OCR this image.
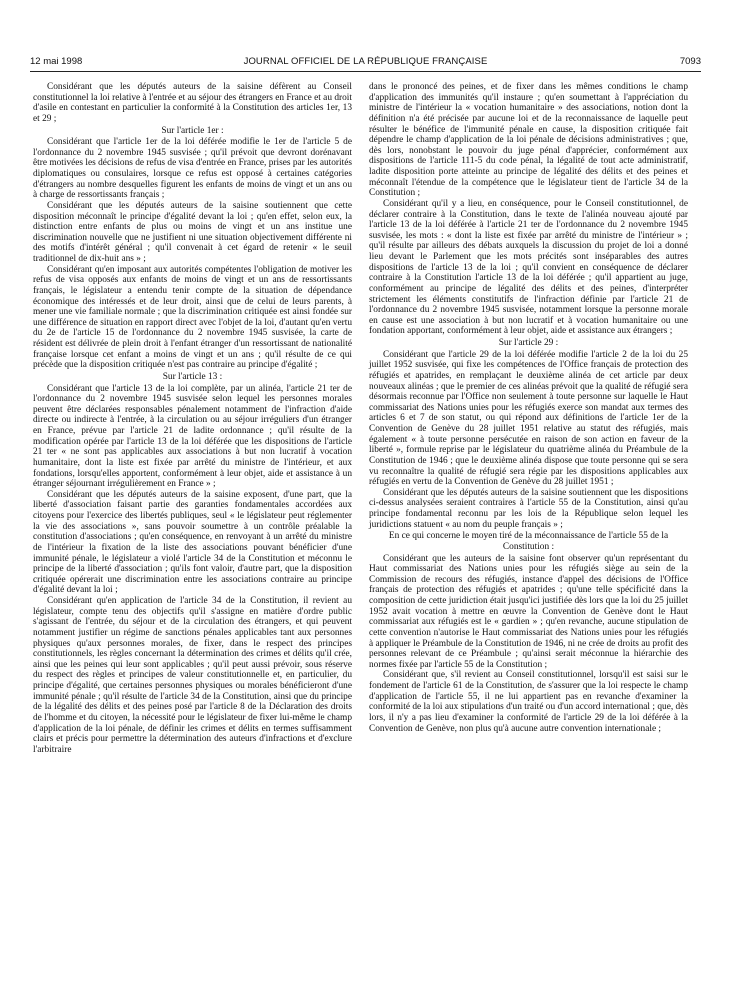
12 mai 1998	JOURNAL OFFICIEL DE LA RÉPUBLIQUE FRANÇAISE	7093

Considérant que les députés auteurs de la saisine défèrent au Conseil constitutionnel la loi relative à l'entrée et au séjour des étrangers en France et au droit d'asile en contestant en particulier la conformité à la Constitution des articles 1er, 13 et 29 ;

Sur l'article 1er :

Considérant que l'article 1er de la loi déférée modifie le 1er de l'article 5 de l'ordonnance du 2 novembre 1945 susvisée ; qu'il prévoit que devront dorénavant être motivées les décisions de refus de visa d'entrée en France, prises par les autorités diplomatiques ou consulaires, lorsque ce refus est opposé à certaines catégories d'étrangers au nombre desquelles figurent les enfants de moins de vingt et un ans ou à charge de ressortissants français ;

Considérant que les députés auteurs de la saisine soutiennent que cette disposition méconnaît le principe d'égalité devant la loi ; qu'en effet, selon eux, la distinction entre enfants de plus ou moins de vingt et un ans institue une discrimination nouvelle que ne justifient ni une situation objectivement différente ni des motifs d'intérêt général ; qu'il convenait à cet égard de retenir « le seuil traditionnel de dix-huit ans » ;

Considérant qu'en imposant aux autorités compétentes l'obligation de motiver les refus de visa opposés aux enfants de moins de vingt et un ans de ressortissants français, le législateur a entendu tenir compte de la situation de dépendance économique des intéressés et de leur droit, ainsi que de celui de leurs parents, à mener une vie familiale normale ; que la discrimination critiquée est ainsi fondée sur une différence de situation en rapport direct avec l'objet de la loi, d'autant qu'en vertu du 2e de l'article 15 de l'ordonnance du 2 novembre 1945 susvisée, la carte de résident est délivrée de plein droit à l'enfant étranger d'un ressortissant de nationalité française lorsque cet enfant a moins de vingt et un ans ; qu'il résulte de ce qui précède que la disposition critiquée n'est pas contraire au principe d'égalité ;

Sur l'article 13 :

Considérant que l'article 13 de la loi complète, par un alinéa, l'article 21 ter de l'ordonnance du 2 novembre 1945 susvisée selon lequel les personnes morales peuvent être déclarées responsables pénalement notamment de l'infraction d'aide directe ou indirecte à l'entrée, à la circulation ou au séjour irréguliers d'un étranger en France, prévue par l'article 21 de ladite ordonnance ; qu'il résulte de la modification opérée par l'article 13 de la loi déférée que les dispositions de l'article 21 ter « ne sont pas applicables aux associations à but non lucratif à vocation humanitaire, dont la liste est fixée par arrêté du ministre de l'intérieur, et aux fondations, lorsqu'elles apportent, conformément à leur objet, aide et assistance à un étranger séjournant irrégulièrement en France » ;

Considérant que les députés auteurs de la saisine exposent, d'une part, que la liberté d'association faisant partie des garanties fondamentales accordées aux citoyens pour l'exercice des libertés publiques, seul « le législateur peut réglementer la vie des associations », sans pouvoir soumettre à un contrôle préalable la constitution d'associations ; qu'en conséquence, en renvoyant à un arrêté du ministre de l'intérieur la fixation de la liste des associations pouvant bénéficier d'une immunité pénale, le législateur a violé l'article 34 de la Constitution et méconnu le principe de la liberté d'association ; qu'ils font valoir, d'autre part, que la disposition critiquée opérerait une discrimination entre les associations contraire au principe d'égalité devant la loi ;

Considérant qu'en application de l'article 34 de la Constitution, il revient au législateur, compte tenu des objectifs qu'il s'assigne en matière d'ordre public s'agissant de l'entrée, du séjour et de la circulation des étrangers, et qui peuvent notamment justifier un régime de sanctions pénales applicables tant aux personnes physiques qu'aux personnes morales, de fixer, dans le respect des principes constitutionnels, les règles concernant la détermination des crimes et délits qu'il crée, ainsi que les peines qui leur sont applicables ; qu'il peut aussi prévoir, sous réserve du respect des règles et principes de valeur constitutionnelle et, en particulier, du principe d'égalité, que certaines personnes physiques ou morales bénéficieront d'une immunité pénale ; qu'il résulte de l'article 34 de la Constitution, ainsi que du principe de la légalité des délits et des peines posé par l'article 8 de la Déclaration des droits de l'homme et du citoyen, la nécessité pour le législateur de fixer lui-même le champ d'application de la loi pénale, de définir les crimes et délits en termes suffisamment clairs et précis pour permettre la détermination des auteurs d'infractions et d'exclure l'arbitraire

dans le prononcé des peines, et de fixer dans les mêmes conditions le champ d'application des immunités qu'il instaure ; qu'en soumettant à l'appréciation du ministre de l'intérieur la « vocation humanitaire » des associations, notion dont la définition n'a été précisée par aucune loi et de la reconnaissance de laquelle peut résulter le bénéfice de l'immunité pénale en cause, la disposition critiquée fait dépendre le champ d'application de la loi pénale de décisions administratives ; que, dès lors, nonobstant le pouvoir du juge pénal d'apprécier, conformément aux dispositions de l'article 111-5 du code pénal, la légalité de tout acte administratif, ladite disposition porte atteinte au principe de légalité des délits et des peines et méconnaît l'étendue de la compétence que le législateur tient de l'article 34 de la Constitution ;

Considérant qu'il y a lieu, en conséquence, pour le Conseil constitutionnel, de déclarer contraire à la Constitution, dans le texte de l'alinéa nouveau ajouté par l'article 13 de la loi déférée à l'article 21 ter de l'ordonnance du 2 novembre 1945 susvisée, les mots : « dont la liste est fixée par arrêté du ministre de l'intérieur » ; qu'il résulte par ailleurs des débats auxquels la discussion du projet de loi a donné lieu devant le Parlement que les mots précités sont inséparables des autres dispositions de l'article 13 de la loi ; qu'il convient en conséquence de déclarer contraire à la Constitution l'article 13 de la loi déférée ; qu'il appartient au juge, conformément au principe de légalité des délits et des peines, d'interpréter strictement les éléments constitutifs de l'infraction définie par l'article 21 de l'ordonnance du 2 novembre 1945 susvisée, notamment lorsque la personne morale en cause est une association à but non lucratif et à vocation humanitaire ou une fondation apportant, conformément à leur objet, aide et assistance aux étrangers ;

Sur l'article 29 :

Considérant que l'article 29 de la loi déférée modifie l'article 2 de la loi du 25 juillet 1952 susvisée, qui fixe les compétences de l'Office français de protection des réfugiés et apatrides, en remplaçant le deuxième alinéa de cet article par deux nouveaux alinéas ; que le premier de ces alinéas prévoit que la qualité de réfugié sera désormais reconnue par l'Office non seulement à toute personne sur laquelle le Haut commissariat des Nations unies pour les réfugiés exerce son mandat aux termes des articles 6 et 7 de son statut, ou qui répond aux définitions de l'article 1er de la Convention de Genève du 28 juillet 1951 relative au statut des réfugiés, mais également « à toute personne persécutée en raison de son action en faveur de la liberté », formule reprise par le législateur du quatrième alinéa du Préambule de la Constitution de 1946 ; que le deuxième alinéa dispose que toute personne qui se sera vu reconnaître la qualité de réfugié sera régie par les dispositions applicables aux réfugiés en vertu de la Convention de Genève du 28 juillet 1951 ;

Considérant que les députés auteurs de la saisine soutiennent que les dispositions ci-dessus analysées seraient contraires à l'article 55 de la Constitution, ainsi qu'au principe fondamental reconnu par les lois de la République selon lequel les juridictions statuent « au nom du peuple français » ;

En ce qui concerne le moyen tiré de la méconnaissance de l'article 55 de la Constitution :

Considérant que les auteurs de la saisine font observer qu'un représentant du Haut commissariat des Nations unies pour les réfugiés siège au sein de la Commission de recours des réfugiés, instance d'appel des décisions de l'Office français de protection des réfugiés et apatrides ; qu'une telle spécificité dans la composition de cette juridiction était jusqu'ici justifiée dès lors que la loi du 25 juillet 1952 avait vocation à mettre en œuvre la Convention de Genève dont le Haut commissariat aux réfugiés est le « gardien » ; qu'en revanche, aucune stipulation de cette convention n'autorise le Haut commissariat des Nations unies pour les réfugiés à appliquer le Préambule de la Constitution de 1946, ni ne crée de droits au profit des personnes relevant de ce Préambule ; qu'ainsi serait méconnue la hiérarchie des normes fixée par l'article 55 de la Constitution ;

Considérant que, s'il revient au Conseil constitutionnel, lorsqu'il est saisi sur le fondement de l'article 61 de la Constitution, de s'assurer que la loi respecte le champ d'application de l'article 55, il ne lui appartient pas en revanche d'examiner la conformité de la loi aux stipulations d'un traité ou d'un accord international ; que, dès lors, il n'y a pas lieu d'examiner la conformité de l'article 29 de la loi déférée à la Convention de Genève, non plus qu'à aucune autre convention internationale ;
